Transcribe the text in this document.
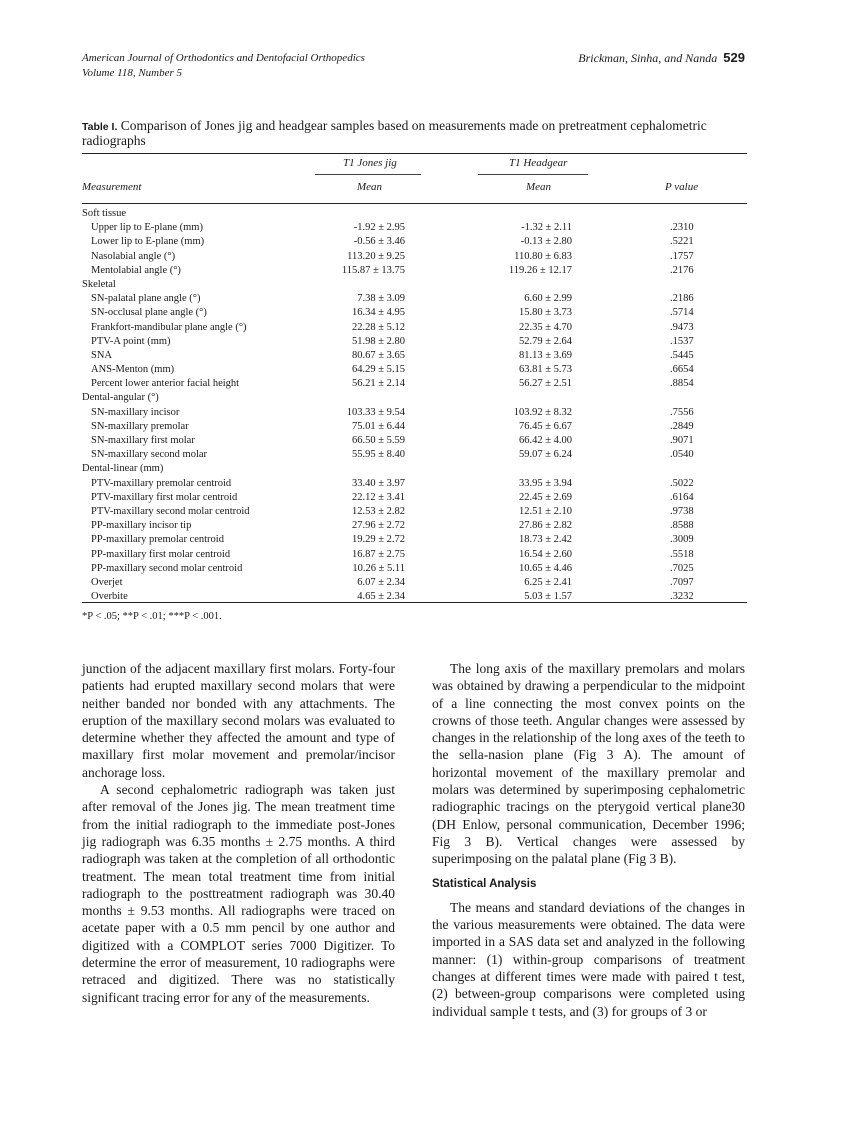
American Journal of Orthodontics and Dentofacial Orthopedics
Volume 118, Number 5
Brickman, Sinha, and Nanda 529
Table I. Comparison of Jones jig and headgear samples based on measurements made on pretreatment cephalometric radiographs
T1 Jones jig	T1 Headgear
Measurement	Mean	Mean	P value
Soft tissue
Upper lip to E-plane (mm)	-1.92 ± 2.95	-1.32 ± 2.11	.2310
Lower lip to E-plane (mm)	-0.56 ± 3.46	-0.13 ± 2.80	.5221
Nasolabial angle (°)	113.20 ± 9.25	110.80 ± 6.83	.1757
Mentolabial angle (°)	115.87 ± 13.75	119.26 ± 12.17	.2176
Skeletal
SN-palatal plane angle (°)	7.38 ± 3.09	6.60 ± 2.99	.2186
SN-occlusal plane angle (°)	16.34 ± 4.95	15.80 ± 3.73	.5714
Frankfort-mandibular plane angle (°)	22.28 ± 5.12	22.35 ± 4.70	.9473
PTV-A point (mm)	51.98 ± 2.80	52.79 ± 2.64	.1537
SNA	80.67 ± 3.65	81.13 ± 3.69	.5445
ANS-Menton (mm)	64.29 ± 5.15	63.81 ± 5.73	.6654
Percent lower anterior facial height	56.21 ± 2.14	56.27 ± 2.51	.8854
Dental-angular (°)
SN-maxillary incisor	103.33 ± 9.54	103.92 ± 8.32	.7556
SN-maxillary premolar	75.01 ± 6.44	76.45 ± 6.67	.2849
SN-maxillary first molar	66.50 ± 5.59	66.42 ± 4.00	.9071
SN-maxillary second molar	55.95 ± 8.40	59.07 ± 6.24	.0540
Dental-linear (mm)
PTV-maxillary premolar centroid	33.40 ± 3.97	33.95 ± 3.94	.5022
PTV-maxillary first molar centroid	22.12 ± 3.41	22.45 ± 2.69	.6164
PTV-maxillary second molar centroid	12.53 ± 2.82	12.51 ± 2.10	.9738
PP-maxillary incisor tip	27.96 ± 2.72	27.86 ± 2.82	.8588
PP-maxillary premolar centroid	19.29 ± 2.72	18.73 ± 2.42	.3009
PP-maxillary first molar centroid	16.87 ± 2.75	16.54 ± 2.60	.5518
PP-maxillary second molar centroid	10.26 ± 5.11	10.65 ± 4.46	.7025
Overjet	6.07 ± 2.34	6.25 ± 2.41	.7097
Overbite	4.65 ± 2.34	5.03 ± 1.57	.3232
*P < .05; **P < .01; ***P < .001.

junction of the adjacent maxillary first molars. Forty-four patients had erupted maxillary second molars that were neither banded nor bonded with any attachments. The eruption of the maxillary second molars was evaluated to determine whether they affected the amount and type of maxillary first molar movement and premolar/incisor anchorage loss.

A second cephalometric radiograph was taken just after removal of the Jones jig. The mean treatment time from the initial radiograph to the immediate post-Jones jig radiograph was 6.35 months ± 2.75 months. A third radiograph was taken at the completion of all orthodontic treatment. The mean total treatment time from initial radiograph to the posttreatment radiograph was 30.40 months ± 9.53 months. All radiographs were traced on acetate paper with a 0.5 mm pencil by one author and digitized with a COMPLOT series 7000 Digitizer. To determine the error of measurement, 10 radiographs were retraced and digitized. There was no statistically significant tracing error for any of the measurements.

The long axis of the maxillary premolars and molars was obtained by drawing a perpendicular to the midpoint of a line connecting the most convex points on the crowns of those teeth. Angular changes were assessed by changes in the relationship of the long axes of the teeth to the sella-nasion plane (Fig 3 A). The amount of horizontal movement of the maxillary premolar and molars was determined by superimposing cephalometric radiographic tracings on the pterygoid vertical plane30 (DH Enlow, personal communication, December 1996; Fig 3 B). Vertical changes were assessed by superimposing on the palatal plane (Fig 3 B).

Statistical Analysis

The means and standard deviations of the changes in the various measurements were obtained. The data were imported in a SAS data set and analyzed in the following manner: (1) within-group comparisons of treatment changes at different times were made with paired t test, (2) between-group comparisons were completed using individual sample t tests, and (3) for groups of 3 or
